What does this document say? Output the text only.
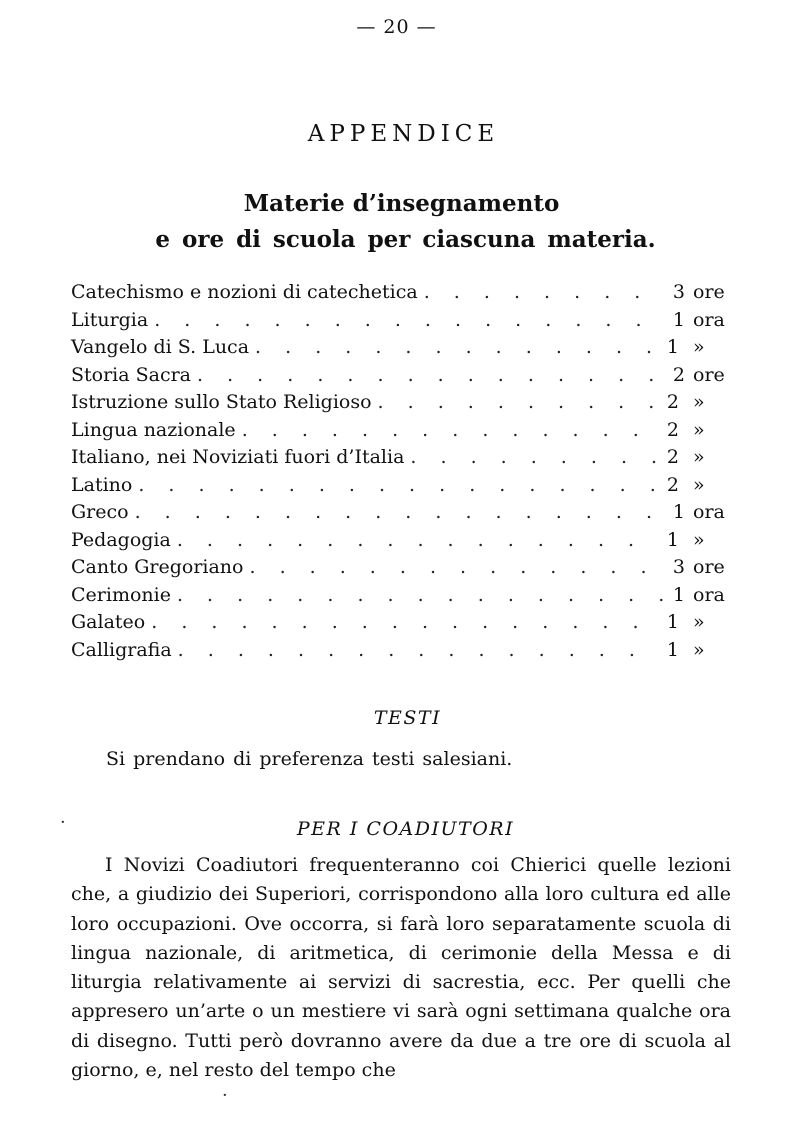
— 20 —
APPENDICE
Materie d’insegnamento
e ore di scuola per ciascuna materia.
Catechismo e nozioni di catechetica . . .	3 ore
Liturgia . . .	1 ora
Vangelo di S. Luca . . .	1 »
Storia Sacra . . .	2 ore
Istruzione sullo Stato Religioso . . .	2 »
Lingua nazionale . . .	2 »
Italiano, nei Noviziati fuori d’Italia . . .	2 »
Latino . . .	2 »
Greco . . .	1 ora
Pedagogia . . .	1 »
Canto Gregoriano . . .	3 ore
Cerimonie . . .	1 ora
Galateo . . .	1 »
Calligrafia . . .	1 »
TESTI
Si prendano di preferenza testi salesiani.
PER I COADIUTORI

I Novizi Coadiutori frequenteranno coi Chierici quelle lezioni che, a giudizio dei Superiori, corrispondono alla loro cultura ed alle loro occupazioni. Ove occorra, si farà loro separatamente scuola di lingua nazionale, di aritmetica, di cerimonie della Messa e di liturgia relativamente ai servizi di sacrestia, ecc. Per quelli che appresero un’arte o un mestiere vi sarà ogni settimana qualche ora di disegno. Tutti però dovranno avere da due a tre ore di scuola al giorno, e, nel resto del tempo che

·
·
